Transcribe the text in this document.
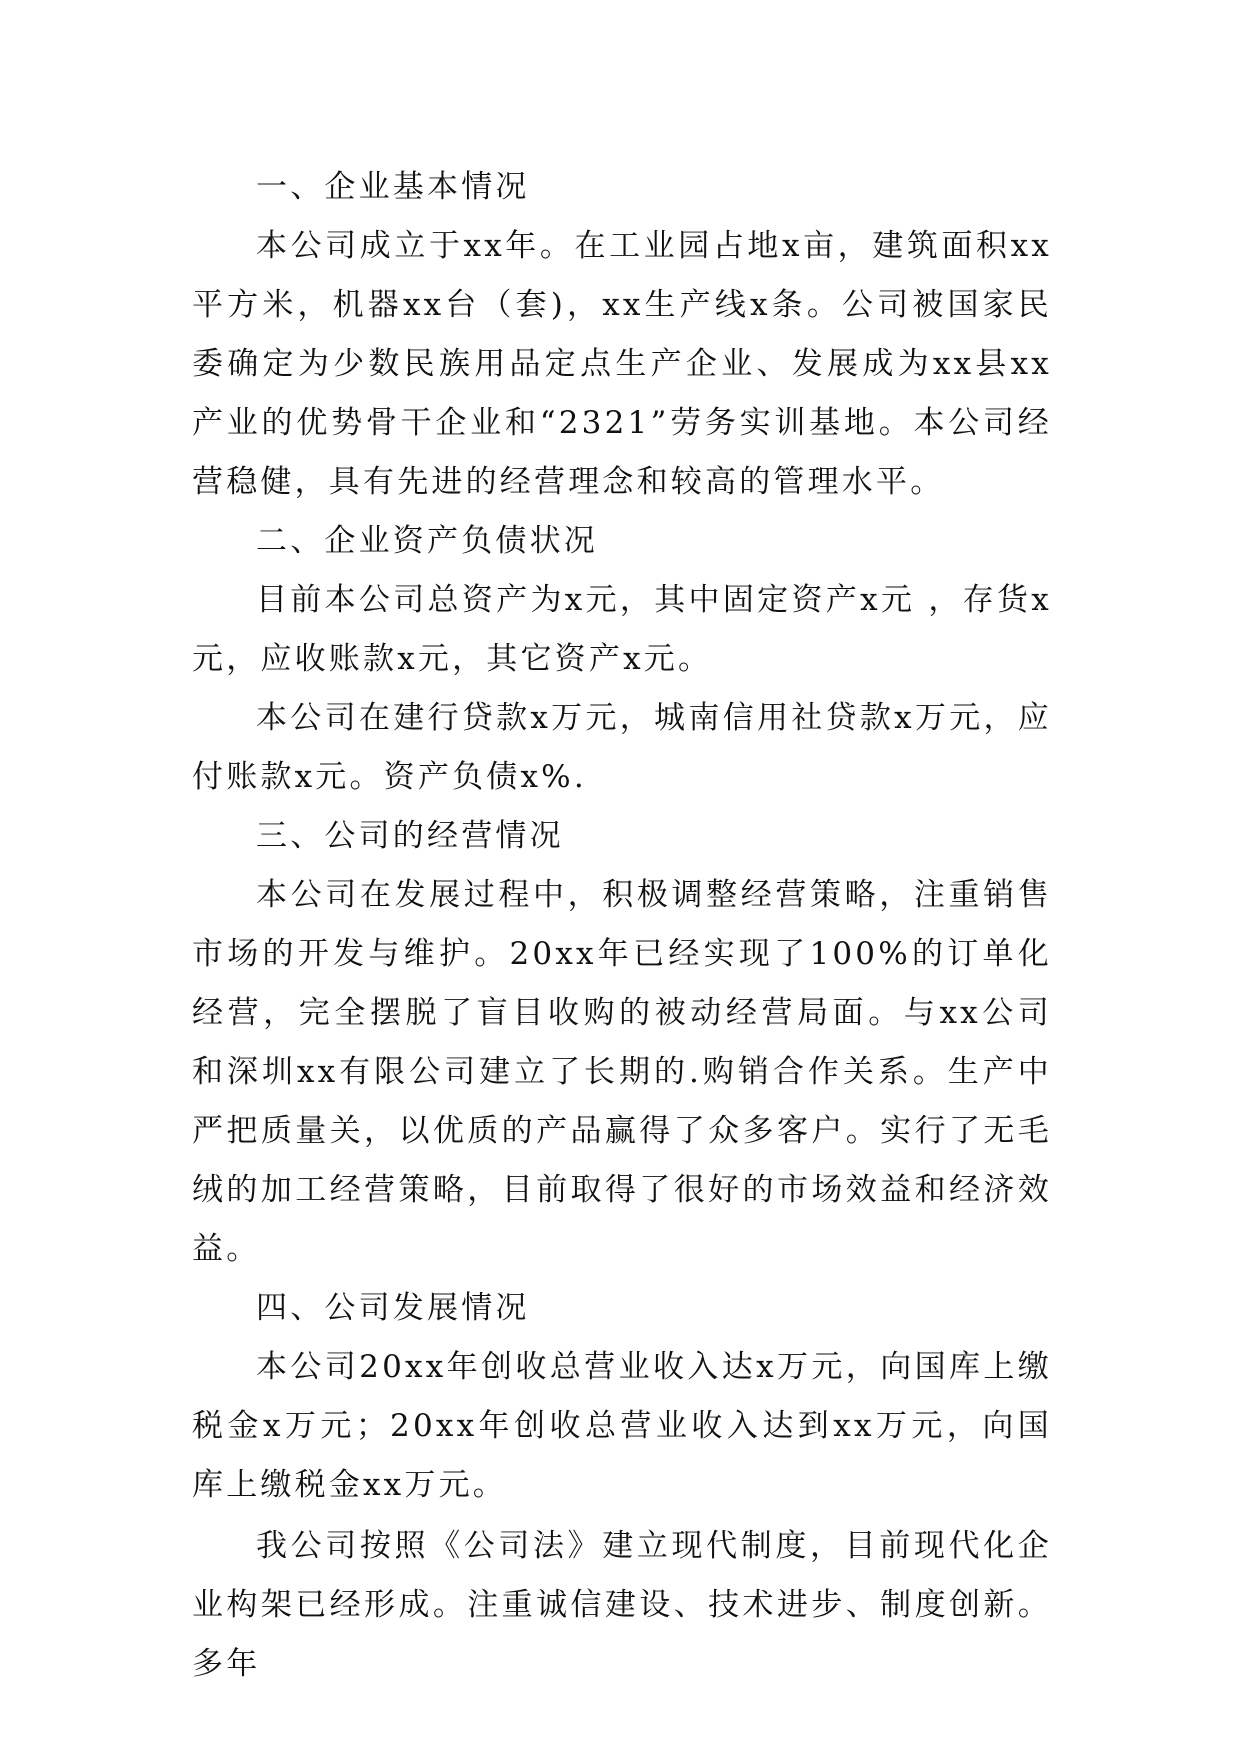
一、企业基本情况

本公司成立于xx年。在工业园占地x亩，建筑面积xx平方米，机器xx台（套)，xx生产线x条。公司被国家民委确定为少数民族用品定点生产企业、发展成为xx县xx产业的优势骨干企业和“2321”劳务实训基地。本公司经营稳健，具有先进的经营理念和较高的管理水平。

二、企业资产负债状况

目前本公司总资产为x元，其中固定资产x元 ，存货x元，应收账款x元，其它资产x元。

本公司在建行贷款x万元，城南信用社贷款x万元，应付账款x元。资产负债x%.

三、公司的经营情况

本公司在发展过程中，积极调整经营策略，注重销售市场的开发与维护。20xx年已经实现了100%的订单化经营，完全摆脱了盲目收购的被动经营局面。与xx公司和深圳xx有限公司建立了长期的.购销合作关系。生产中严把质量关，以优质的产品赢得了众多客户。实行了无毛绒的加工经营策略，目前取得了很好的市场效益和经济效益。

四、公司发展情况

本公司20xx年创收总营业收入达x万元，向国库上缴税金x万元；20xx年创收总营业收入达到xx万元，向国库上缴税金xx万元。

我公司按照《公司法》建立现代制度，目前现代化企业构架已经形成。注重诚信建设、技术进步、制度创新。多年
